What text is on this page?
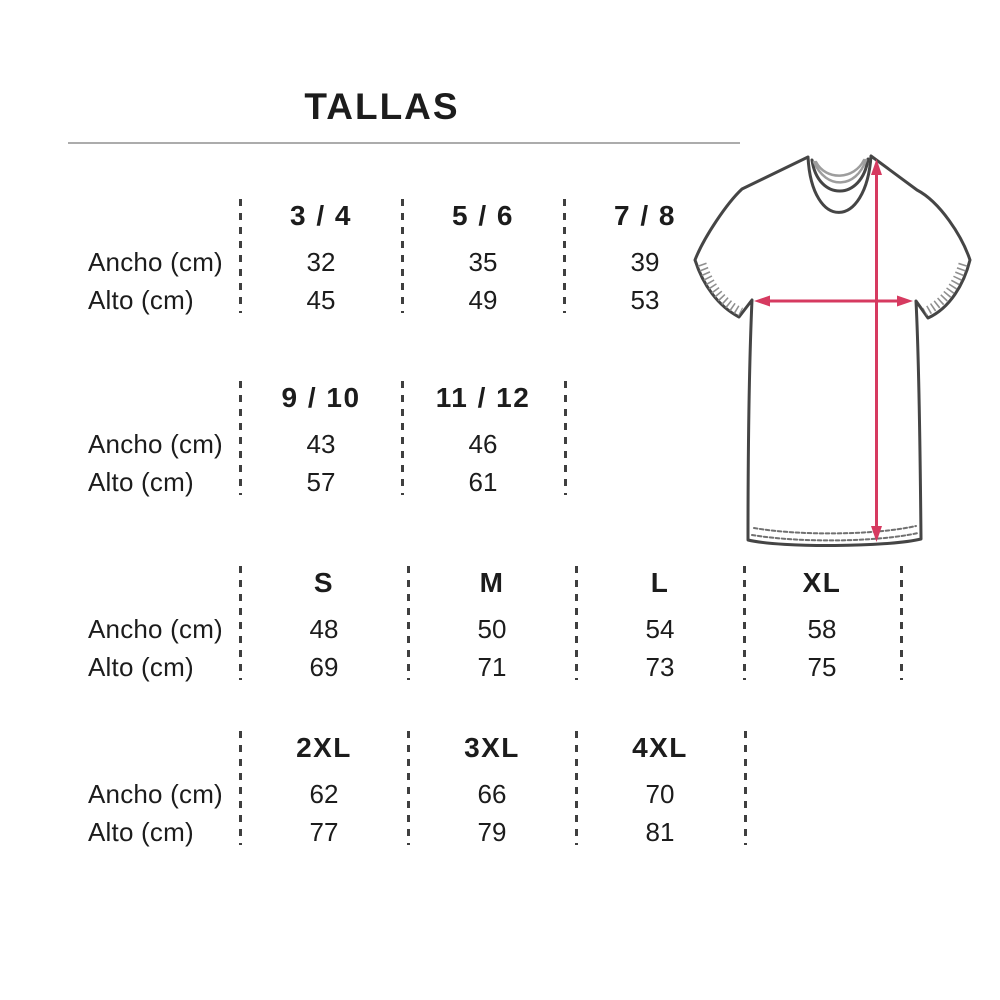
TALLAS
Ancho (cm)
Alto (cm)
3 / 4
32
45
5 / 6
35
49
7 / 8
39
53
Ancho (cm)
Alto (cm)
9 / 10
43
57
11 / 12
46
61
Ancho (cm)
Alto (cm)
S
48
69
M
50
71
L
54
73
XL
58
75
Ancho (cm)
Alto (cm)
2XL
62
77
3XL
66
79
4XL
70
81
